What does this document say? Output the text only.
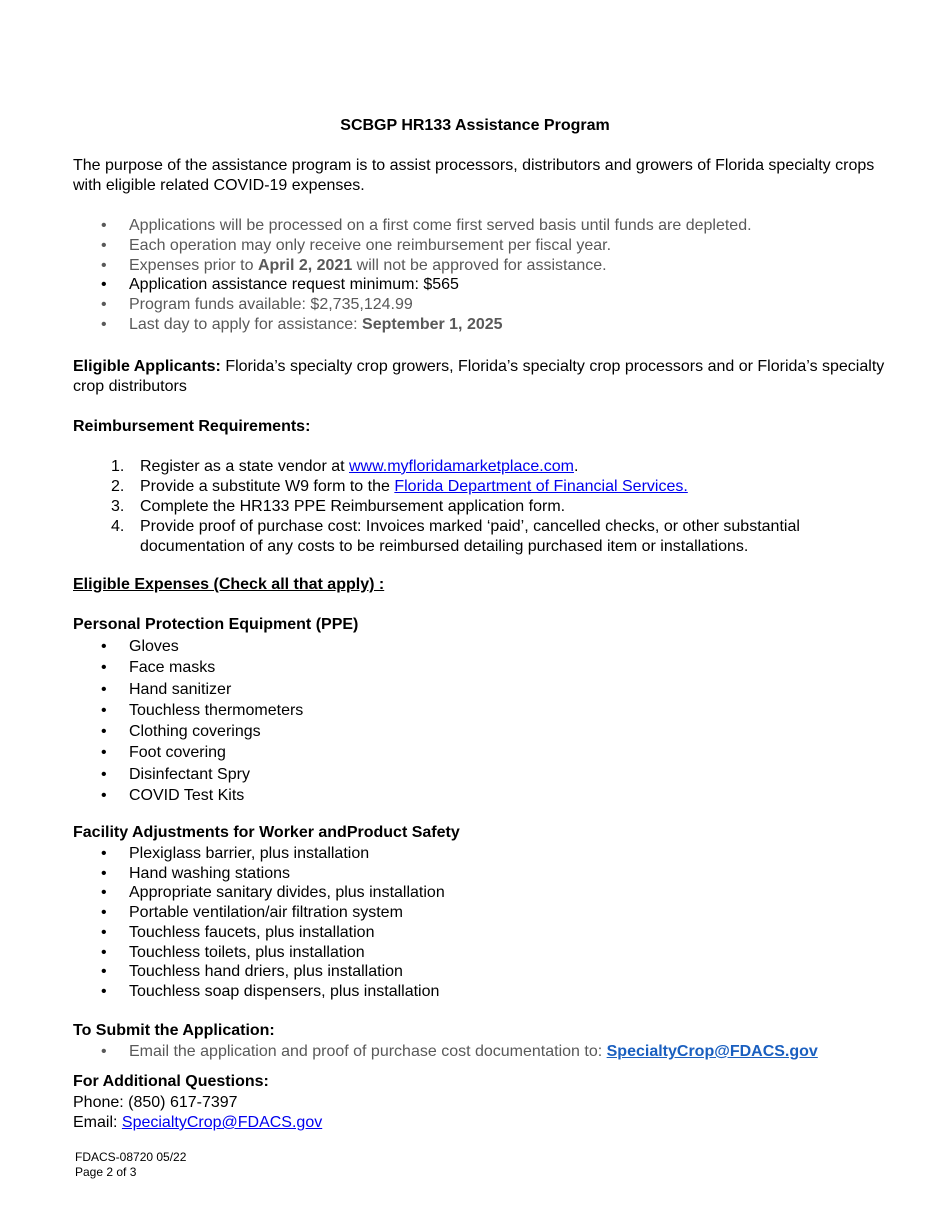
SCBGP HR133 Assistance Program
The purpose of the assistance program is to assist processors, distributors and growers of Florida specialty crops with eligible related COVID-19 expenses.
• Applications will be processed on a first come first served basis until funds are depleted.
• Each operation may only receive one reimbursement per fiscal year.
• Expenses prior to April 2, 2021 will not be approved for assistance.
• Application assistance request minimum: $565
• Program funds available: $2,735,124.99
• Last day to apply for assistance: September 1, 2025
Eligible Applicants: Florida’s specialty crop growers, Florida’s specialty crop processors and or Florida’s specialty crop distributors
Reimbursement Requirements:
1. Register as a state vendor at www.myfloridamarketplace.com.
2. Provide a substitute W9 form to the Florida Department of Financial Services.
3. Complete the HR133 PPE Reimbursement application form.
4. Provide proof of purchase cost: Invoices marked ‘paid’, cancelled checks, or other substantial documentation of any costs to be reimbursed detailing purchased item or installations.
Eligible Expenses (Check all that apply) :
Personal Protection Equipment (PPE)
• Gloves
• Face masks
• Hand sanitizer
• Touchless thermometers
• Clothing coverings
• Foot covering
• Disinfectant Spry
• COVID Test Kits
Facility Adjustments for Worker andProduct Safety
• Plexiglass barrier, plus installation
• Hand washing stations
• Appropriate sanitary divides, plus installation
• Portable ventilation/air filtration system
• Touchless faucets, plus installation
• Touchless toilets, plus installation
• Touchless hand driers, plus installation
• Touchless soap dispensers, plus installation
To Submit the Application:
• Email the application and proof of purchase cost documentation to: SpecialtyCrop@FDACS.gov
For Additional Questions:
Phone: (850) 617-7397
Email: SpecialtyCrop@FDACS.gov
FDACS-08720 05/22
Page 2 of 3
